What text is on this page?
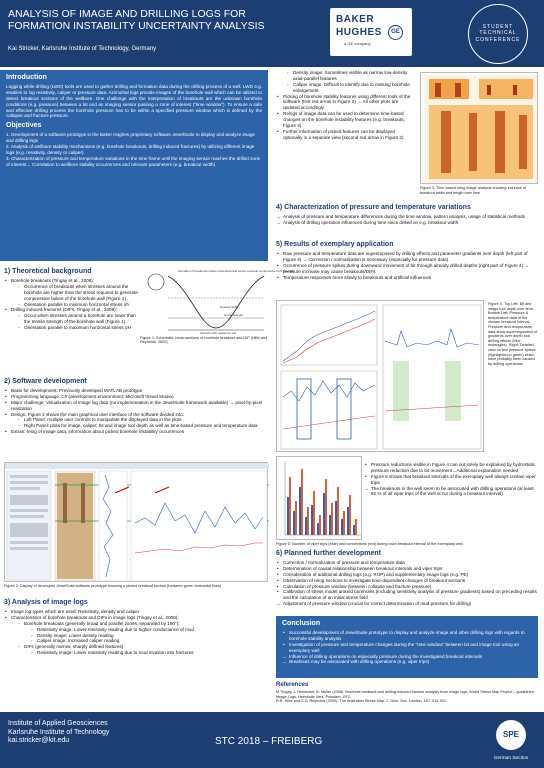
ANALYSIS OF IMAGE AND DRILLING LOGS FOR
FORMATION INSTABILITY UNCERTAINTY ANALYSIS
Kai Stricker, Karlsruhe Institute of Technology, Germany
BAKER
HUGHES
a GE company
GE
STUDENT
TECHNICAL
CONFERENCE
Introduction

Logging while drilling (LWD) tools are used to gather drilling and formation data during the drilling process of a well. LWD e.g. enables to log resistivity, caliper or pressure data. Azimuthal logs provide images of the borehole wall which can be utilized to detect breakout sections of the wellbore. One challenge with the interpretation of breakouts are the unknown borehole conditions (e.g. pressure) between a bit and an imaging sensor passing a zone of interest ("time window"). To ensure a safe and effective drilling process the borehole pressure has to be within a specified pressure window which is defined by the collapse and fracture pressure.

Objectives
1. Development of a software prototype in the Baker Hughes proprietary software JewelSuite to display and analyze image and drilling logs
2. Analysis of wellbore stability mechanisms (e.g. borehole breakouts, drilling induced fractures) by utilizing different image logs (e.g. resistivity, density or caliper)
3. Characterization of pressure and temperature variations in the time frame until the imaging sensor reaches the drilled zone of interest→ Correlation to wellbore stability occurrences and relevant parameters (e.g. breakout width)
1) Theoretical background
• Borehole breakouts (Tingay et al., 2008):
◦ Occurrence of breakouts when stresses around the borehole are higher than the stress required to generate compressive failure of the borehole wall (Figure 1)
◦ Orientation parallel to minimum horizontal stress σh
• Drilling induced fractures (DIFs; Tingay et al., 2008):
◦ Occur when stresses around a borehole are lower than the tensile strength of the borehole wall (Figure 1)
◦ Orientation parallel to maximum horizontal stress σH
formation of breakouts where circumferential stress exceeds compressive rock strength
breakout width
tensile strength
Azimuth with respect to σH
Figure 1: Schematic cross-sections of borehole breakout and DIF (Hillis and Reynolds, 2000)
2) Software development
• Basis for development: Previously developed MATLAB prototype
• Programming language: C# (development environment: Microsoft Visual Studio)
• Major challenge: Visualization of image log data (no implementation in the JewelSuite framework available) → pixel-by-pixel realization
• Design: Figure 2 shows the main graphical user interface of the software divided into:
◦ Left Panel: multiple user controls to manipulate the displayed data in the plots
◦ Right Panel: plots for image, caliper, bit and image tool depth as well as time based pressure and temperature data
• Extras: relog of image data, information about picked borehole instability occurrences
Figure 2: Display of developed JewelSuite software prototype showing a picked breakout section (between green horizontal lines)
3) Analysis of image logs
• Image log types which are used: Resistivity, density and caliper
• Characteristics of borehole breakouts and DIFs in image logs (Tingay et al., 2008):
◦ Borehole breakouts (generally broad and parallel zones, separated by 180°):
◦ Resistivity image: Lower resistivity reading due to higher conductance of mud
◦ Density image: Lower density reading
◦ Caliper image: Increased caliper reading
◦ DIFs (generally narrow, sharply defined features):
◦ Resistivity image: Lower resistivity reading due to mud invasion into fractures
◦ Density image: Sometimes visible as narrow low-density axial-parallel features
◦ Caliper image: Difficult to identify due to missing borehole enlargement
• Picking of borehole stability features using different tools of the software (first red arrow in Figure 2) → All other plots are updated accordingly
• Relogs of image data can be used to determine time-based changes on the borehole instability features (e.g. breakouts, Figure 3)
• Further information of picked features can be displayed optionally in a separate view (second red arrow in Figure 2)
Figure 3: Time-based relog image analysis showing increase of breakout width and length over time
4) Characterization of pressure and temperature variations
→ Analysis of pressure and temperature differences during the time window, pattern analysis, usage of statistical methods
→ Analysis of drilling operation influences during time since drilled on e.g. breakout width
5) Results of exemplary application
• Raw pressure and temperature data are superimposed by drilling effects and parameter gradients over depth (left part of Figure 4) → Correction / normalization is necessary (especially for pressure data)
• Occurrence of pressure spikes during downward movement of bit through already drilled depths (right part of Figure 4) → pressure increase may cause breakouts/DIFs
• Temperature responses more slowly to breakouts and artificial influences
Figure 4: Top Left: Bit and image tool depth over time. Bottom Left: Pressure & temperature data of the chosen breakout interval. Pressure and temperature data show superimposition of gradients over depth and drilling effects (blue rectangles). Right: Detailed view on two pressure spikes (highlighted in green) which have probably been caused by drilling operations
• Pressure reductions visible in Figure 4 can not solely be explained by hydrostatic pressure reduction due to bit movement→Additional explanation needed
• Figure 5 shows that breakout intervals of the exemplary well always contain viper trips
→ The breakouts in the well seem to be associated with drilling operations (at least 82 % of all viper trips of the well occur during a breakout interval)
Figure 5: Number of viper trips (blue) and connections (red) during each breakout interval of the exemplary well
6) Planned further development
• Correction / normalization of pressure and temperature data
• Determination of causal relationship between breakout intervals and viper trips
• Consideration of additional drilling logs (e.g. ROP) and supplementary image logs (e.g. PE)
• Observation of relog sections to investigate time-dependent changes of breakout sections
• Calculation of pressure window (between collapse and fracture pressure)
• Calibration of stress model around boreholes (including sensitivity analysis of pressure gradients) based on preceding results and the calculation of an initial stress field
→ Adjustment of pressure window (crucial for correct determination of mud pressure for drilling)
Conclusion
• Successful development of JewelSuite prototype to display and analyze image and other drilling logs with regards to borehole stability analysis
• Investigation of pressure and temperature changes during the "time window" between bit and image tool using an exemplary well
→ Influence of drilling operations on especially pressure during the investigated breakout intervals
→ Breakouts may be associated with drilling operations (e.g. viper trips)
References
M.Tingay, J. Reinecker, B. Müller (2008): Borehole breakout and drilling-induced fracture analysis from image logs, World Stress Map Project – guidelines: Image Logs, Helmholtz Vent. Potsdam, GFZ.
R.R. Hillis and S.D. Reynolds (2000): The Australian Stress Map, J. Geol. Soc. London, 157, 915-921.
Institute of Applied Geosciences
Karlsruhe Institute of Technology
kai.stricker@kit.edu	STC 2018 – FREIBERG
SPE
German Section
